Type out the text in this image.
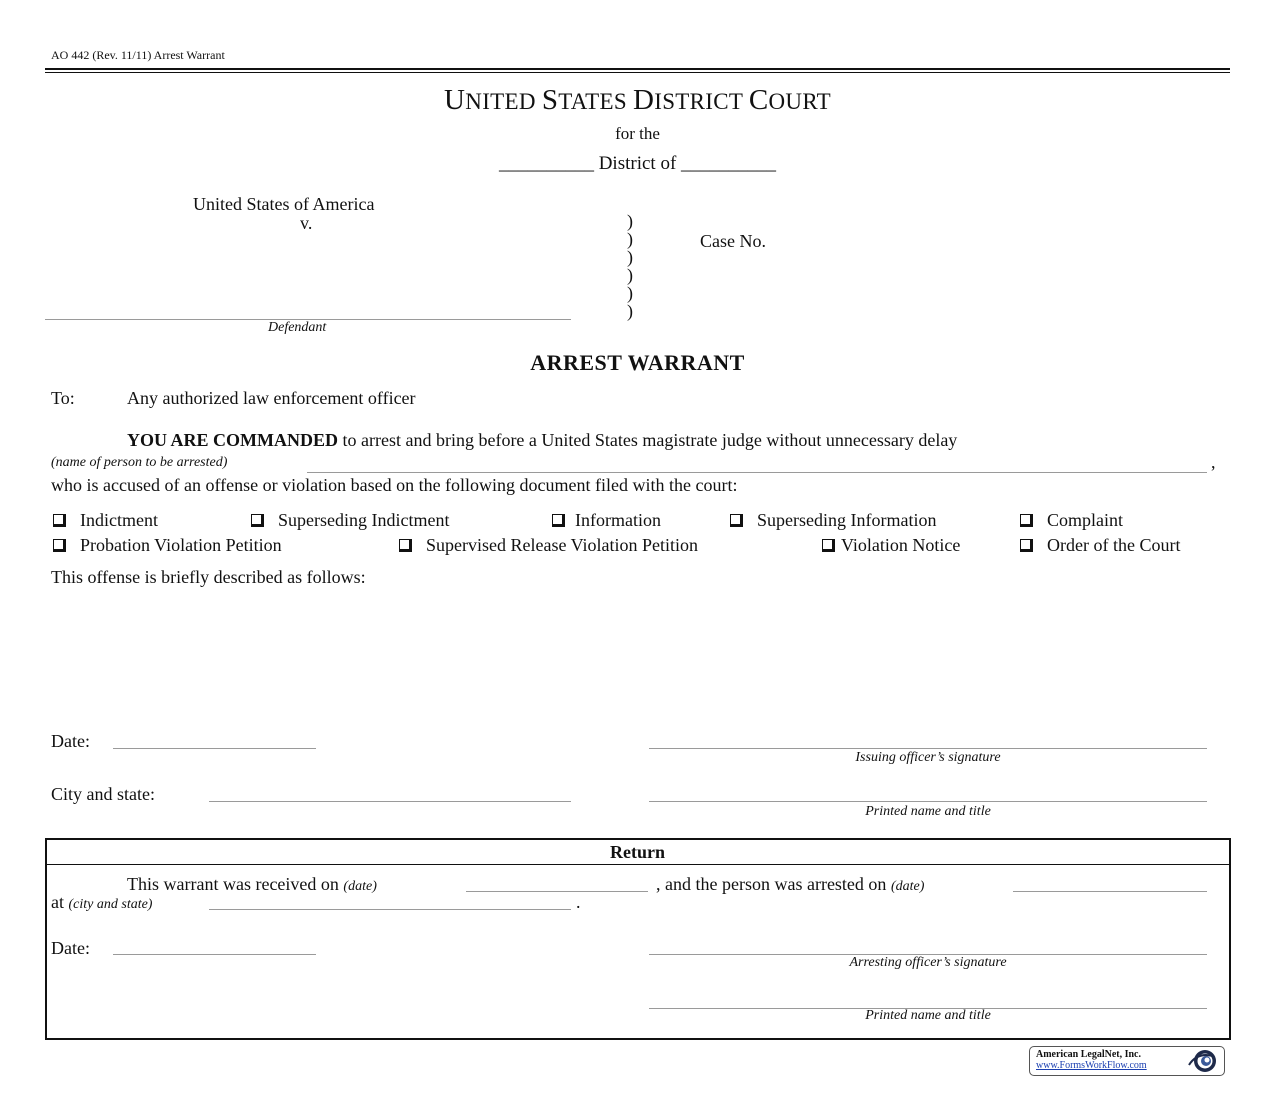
AO 442 (Rev. 11/11) Arrest Warrant
UNITED STATES DISTRICT COURT
for the
__________ District of __________
United States of America
v.	)
)
)
)
)
)
Case No.
Defendant
ARREST WARRANT
To:	Any authorized law enforcement officer
YOU ARE COMMANDED to arrest and bring before a United States magistrate judge without unnecessary delay
(name of person to be arrested)	,
who is accused of an offense or violation based on the following document filed with the court:
Indictment	Superseding Indictment	Information	Superseding Information	Complaint
Probation Violation Petition	Supervised Release Violation Petition	Violation Notice	Order of the Court
This offense is briefly described as follows:
Date:
Issuing officer’s signature
City and state:
Printed name and title
Return
This warrant was received on (date)	, and the person was arrested on (date)
at (city and state)	.
Date:
Arresting officer’s signature
Printed name and title
American LegalNet, Inc.
www.FormsWorkFlow.com
